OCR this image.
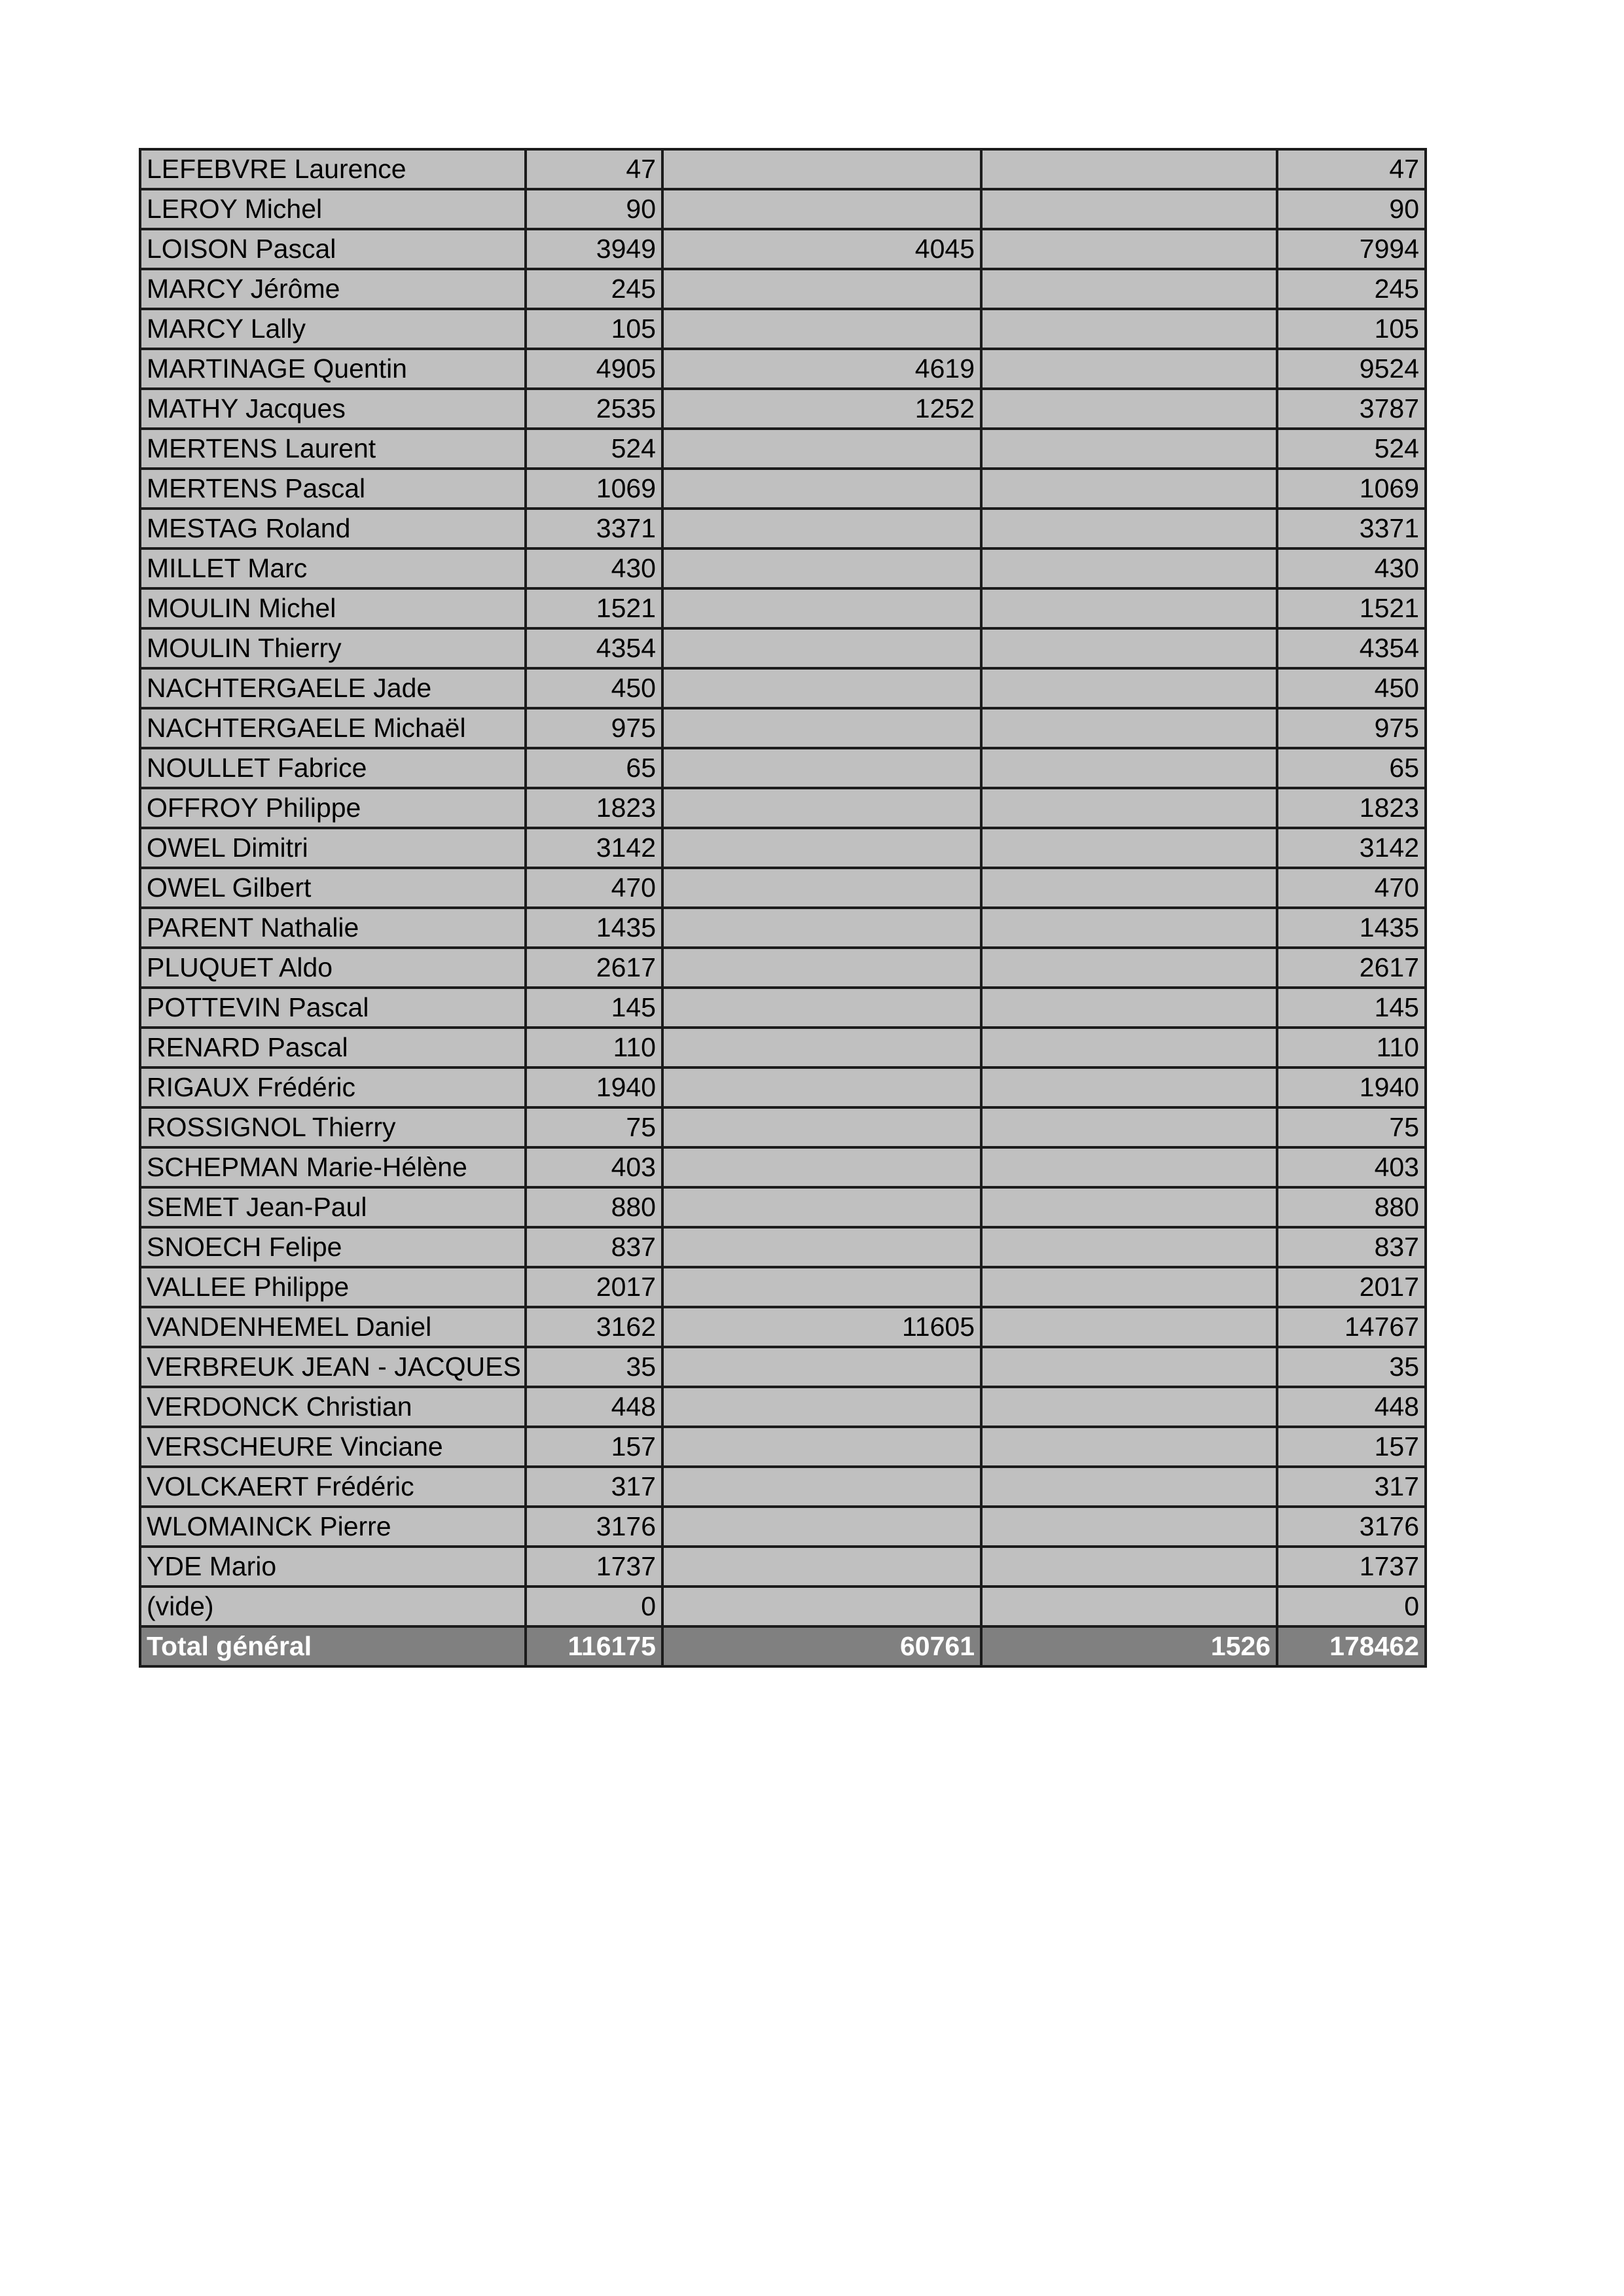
LEFEBVRE Laurence	47			47
LEROY Michel	90			90
LOISON Pascal	3949	4045		7994
MARCY Jérôme	245			245
MARCY Lally	105			105
MARTINAGE Quentin	4905	4619		9524
MATHY Jacques	2535	1252		3787
MERTENS Laurent	524			524
MERTENS Pascal	1069			1069
MESTAG Roland	3371			3371
MILLET Marc	430			430
MOULIN Michel	1521			1521
MOULIN Thierry	4354			4354
NACHTERGAELE Jade	450			450
NACHTERGAELE Michaël	975			975
NOULLET Fabrice	65			65
OFFROY Philippe	1823			1823
OWEL Dimitri	3142			3142
OWEL Gilbert	470			470
PARENT Nathalie	1435			1435
PLUQUET Aldo	2617			2617
POTTEVIN Pascal	145			145
RENARD Pascal	110			110
RIGAUX Frédéric	1940			1940
ROSSIGNOL Thierry	75			75
SCHEPMAN Marie-Hélène	403			403
SEMET Jean-Paul	880			880
SNOECH Felipe	837			837
VALLEE Philippe	2017			2017
VANDENHEMEL Daniel	3162	11605		14767
VERBREUK JEAN - JACQUES	35			35
VERDONCK Christian	448			448
VERSCHEURE Vinciane	157			157
VOLCKAERT Frédéric	317			317
WLOMAINCK Pierre	3176			3176
YDE Mario	1737			1737
(vide)	0			0
Total général	116175	60761	1526	178462
